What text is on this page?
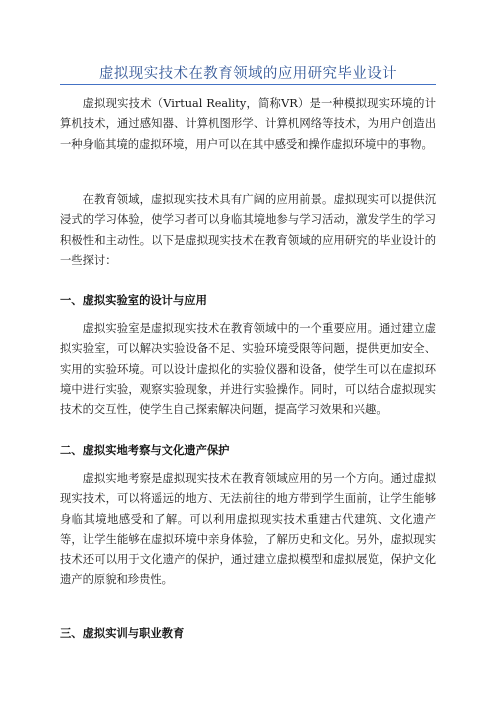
虚拟现实技术在教育领域的应用研究毕业设计

虚拟现实技术（Virtual Reality，简称VR）是一种模拟现实环境的计算机技术，通过感知器、计算机图形学、计算机网络等技术，为用户创造出一种身临其境的虚拟环境，用户可以在其中感受和操作虚拟环境中的事物。

在教育领域，虚拟现实技术具有广阔的应用前景。虚拟现实可以提供沉浸式的学习体验，使学习者可以身临其境地参与学习活动，激发学生的学习积极性和主动性。以下是虚拟现实技术在教育领域的应用研究的毕业设计的一些探讨：

一、虚拟实验室的设计与应用

虚拟实验室是虚拟现实技术在教育领域中的一个重要应用。通过建立虚拟实验室，可以解决实验设备不足、实验环境受限等问题，提供更加安全、实用的实验环境。可以设计虚拟化的实验仪器和设备，使学生可以在虚拟环境中进行实验，观察实验现象，并进行实验操作。同时，可以结合虚拟现实技术的交互性，使学生自己探索解决问题，提高学习效果和兴趣。

二、虚拟实地考察与文化遗产保护

虚拟实地考察是虚拟现实技术在教育领域应用的另一个方向。通过虚拟现实技术，可以将遥远的地方、无法前往的地方带到学生面前，让学生能够身临其境地感受和了解。可以利用虚拟现实技术重建古代建筑、文化遗产等，让学生能够在虚拟环境中亲身体验，了解历史和文化。另外，虚拟现实技术还可以用于文化遗产的保护，通过建立虚拟模型和虚拟展览，保护文化遗产的原貌和珍贵性。

三、虚拟实训与职业教育
